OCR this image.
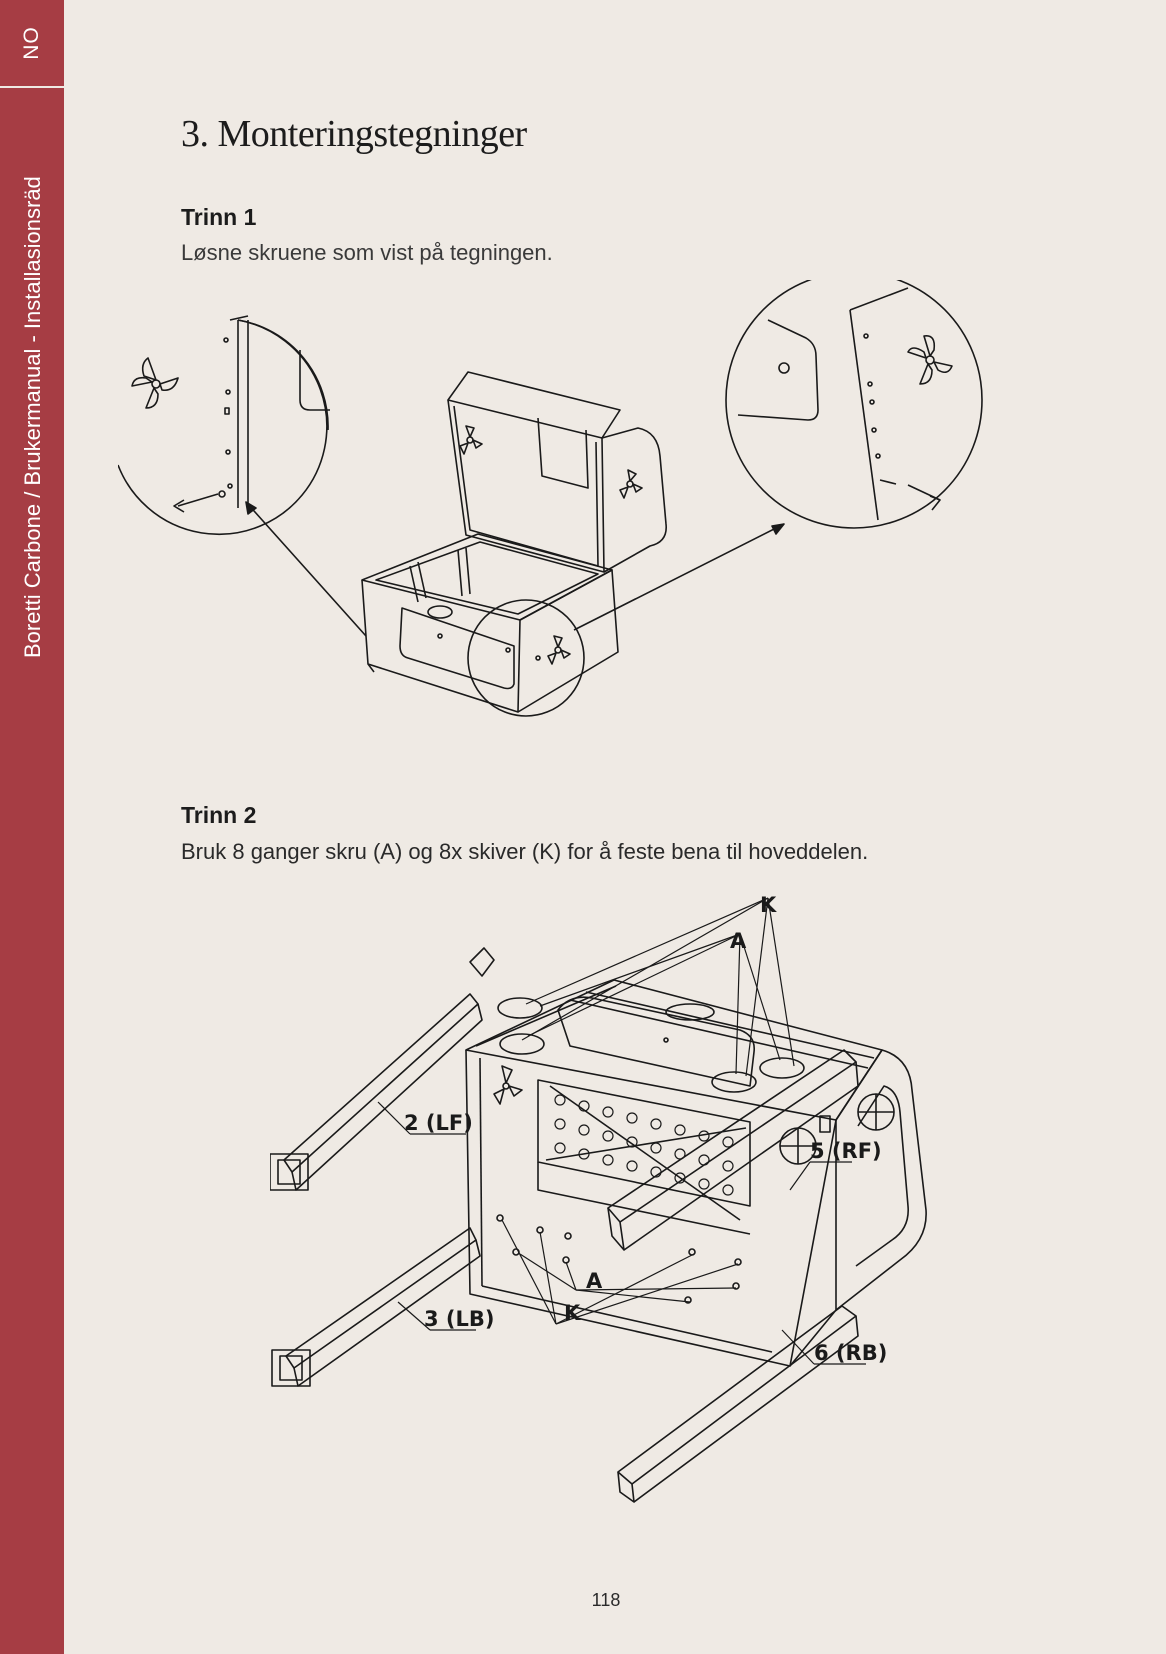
NO
Boretti Carbone / Brukermanual - Installasionsräd
3. Monteringstegninger
Trinn 1
Løsne skruene som vist på tegningen.
Trinn 2
Bruk 8 ganger skru (A) og 8x skiver (K) for å feste bena til hoveddelen.
K
A
2 (LF)
5 (RF)
3 (LB)
6 (RB)
A
K
118
